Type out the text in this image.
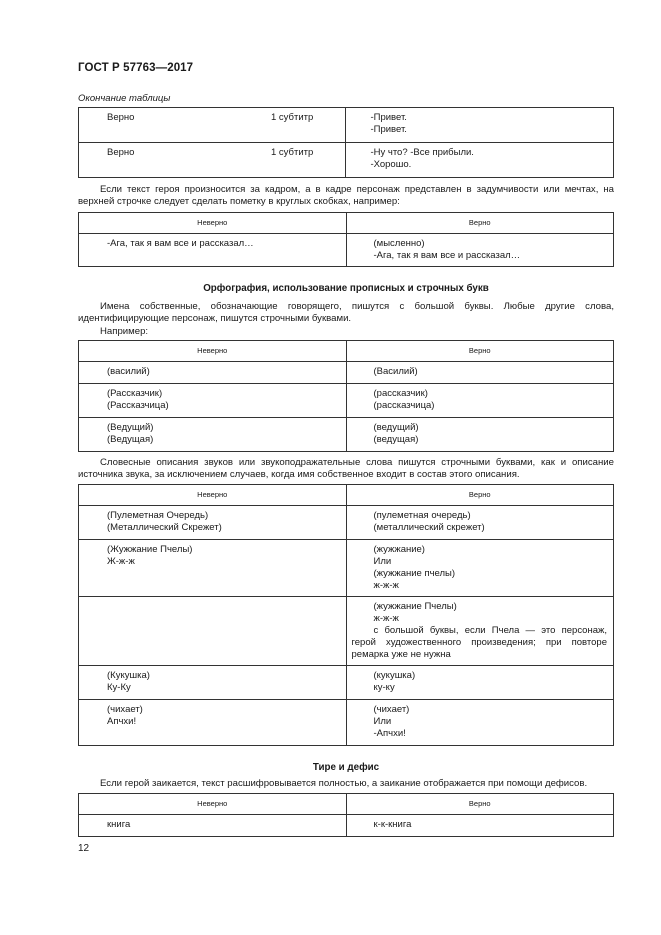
ГОСТ Р 57763—2017
Окончание таблицы
Верно 1 субтитр	-Привет.
-Привет.

Верно 1 субтитр	-Ну что? -Все прибыли.
-Хорошо.

Если текст героя произносится за кадром, а в кадре персонаж представлен в задумчивости или мечтах, на верхней строчке следует сделать пометку в круглых скобках, например:

Неверно	Верно

-Ага, так я вам все и рассказал…	(мысленно)
-Ага, так я вам все и рассказал…
Орфография, использование прописных и строчных букв

Имена собственные, обозначающие говорящего, пишутся с большой буквы. Любые другие слова, идентифицирующие персонаж, пишутся строчными буквами.

Например:

Неверно	Верно

(василий)	(Василий)

(Рассказчик)
(Рассказчица)	(рассказчик)
(рассказчица)

(Ведущий)
(Ведущая)	(ведущий)
(ведущая)

Словесные описания звуков или звукоподражательные слова пишутся строчными буквами, как и описание источника звука, за исключением случаев, когда имя собственное входит в состав этого описания.

Неверно	Верно

(Пулеметная Очередь)
(Металлический Скрежет)	(пулеметная очередь)
(металлический скрежет)

(Жужжание Пчелы)
Ж-ж-ж	(жужжание)
Или
(жужжание пчелы)
ж-ж-ж

	(жужжание Пчелы)
ж-ж-ж
с большой буквы, если Пчела — это персонаж, герой художественного произведения; при повторе ремарка уже не нужна

(Кукушка)
Ку-Ку	(кукушка)
ку-ку

(чихает)
Апчхи!	(чихает)
Или
-Апчхи!
Тире и дефис

Если герой заикается, текст расшифровывается полностью, а заикание отображается при помощи дефисов.

Неверно	Верно

книга	к-к-книга
12
